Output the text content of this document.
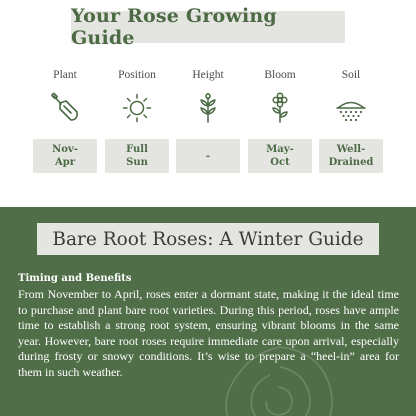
Your Rose Growing Guide
Plant
Nov-
Apr
Position
Full
Sun
Height
-
Bloom
May-
Oct
Soil
Well-
Drained
Bare Root Roses: A Winter Guide
Timing and Benefits
From November to April, roses enter a dormant state, making it the ideal time to purchase and plant bare root varieties. During this period, roses have ample time to establish a strong root system, ensuring vibrant blooms in the same year. However, bare root roses require immediate care upon arrival, especially during frosty or snowy conditions. It’s wise to prepare a “heel-in” area for them in such weather.
